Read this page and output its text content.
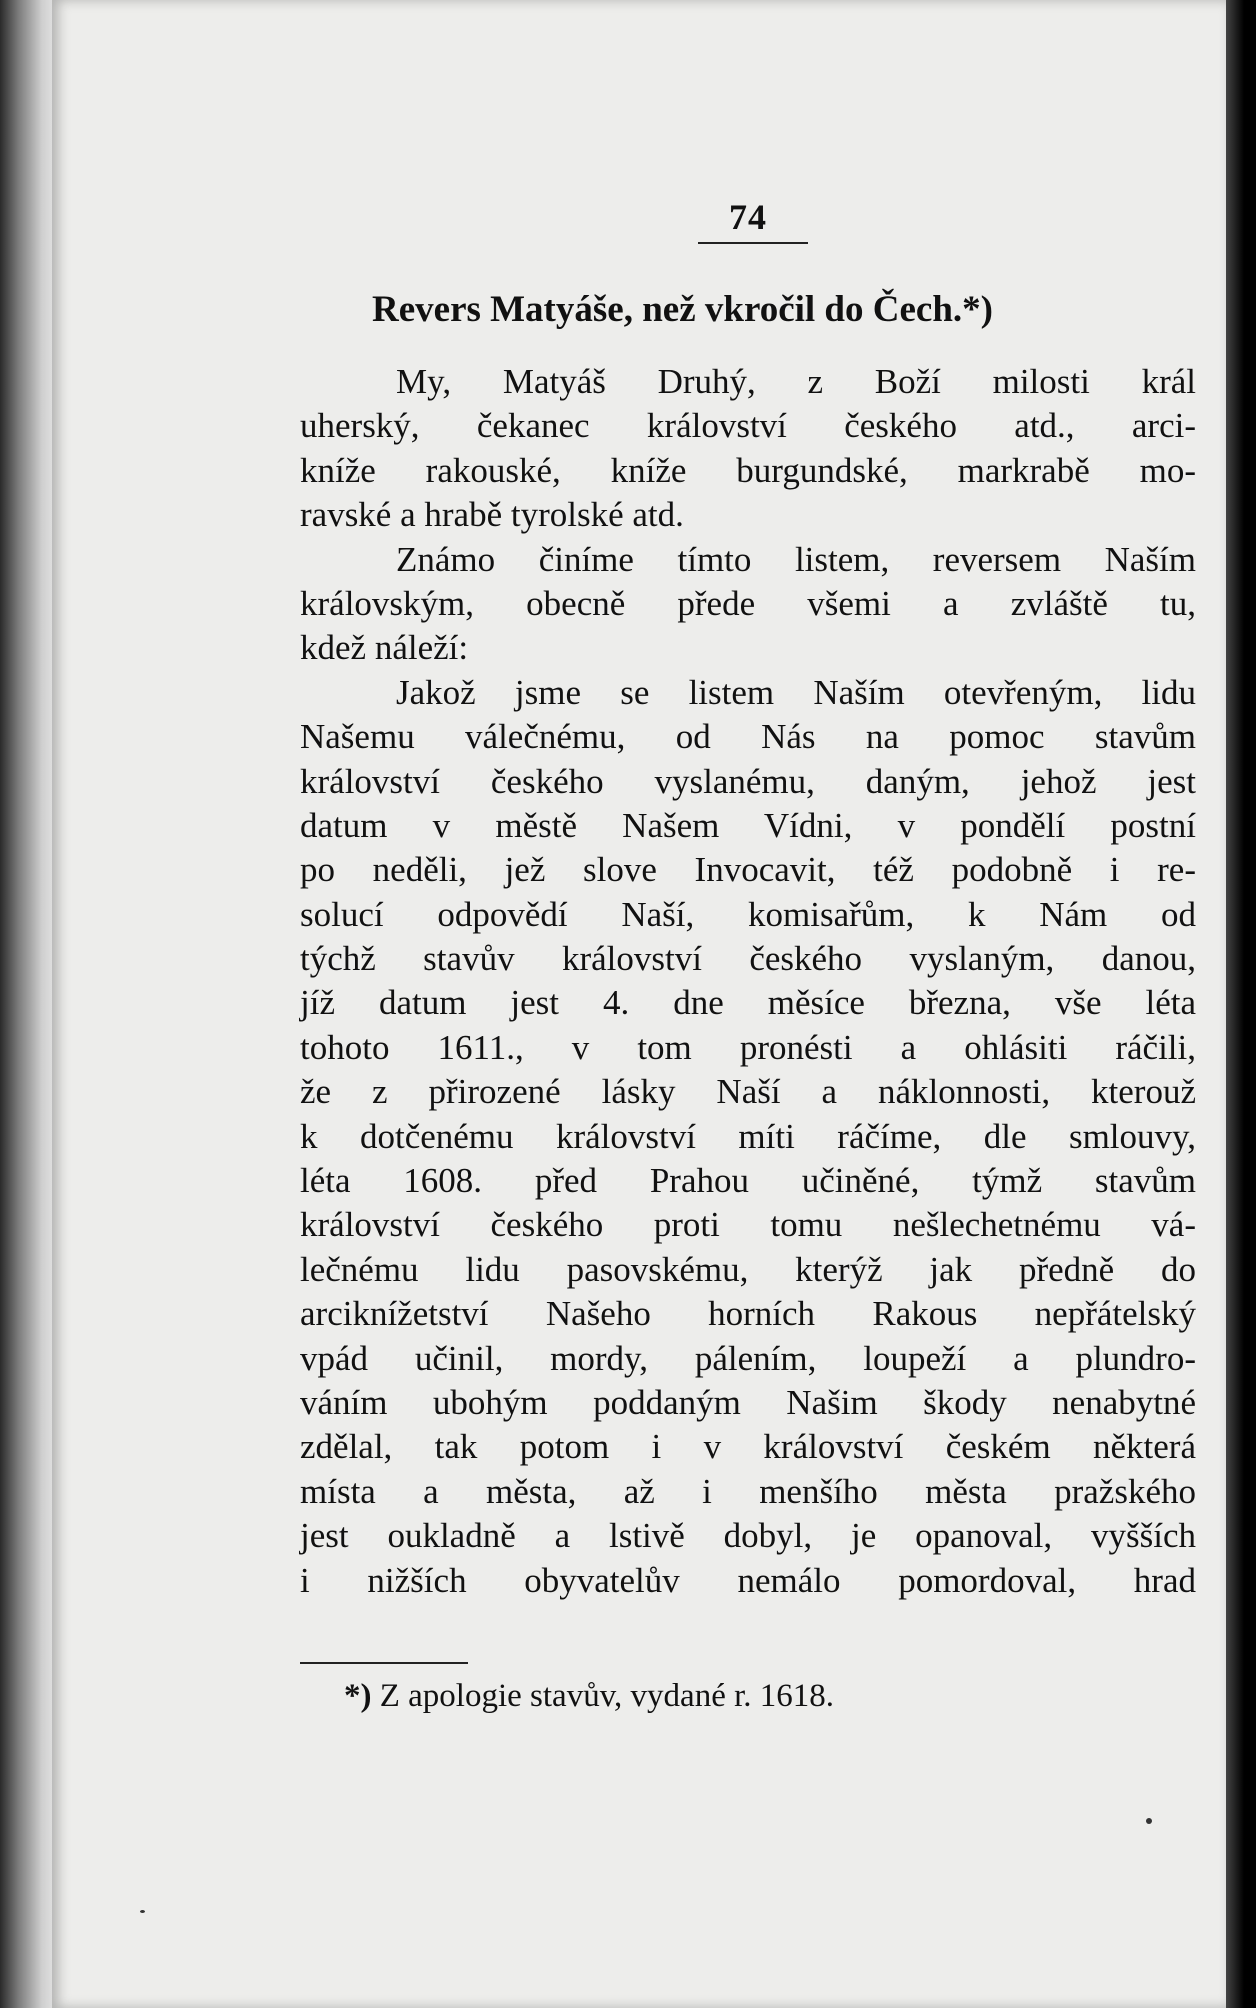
74
Revers Matyáše, než vkročil do Čech.*)
My, Matyáš Druhý, z Boží milosti král
uherský, čekanec království českého atd., arci-
kníže rakouské, kníže burgundské, markrabě mo-
ravské a hrabě tyrolské atd.
Známo činíme tímto listem, reversem Naším
královským, obecně přede všemi a zvláště tu,
kdež náleží:
Jakož jsme se listem Naším otevřeným, lidu
Našemu válečnému, od Nás na pomoc stavům
království českého vyslanému, daným, jehož jest
datum v městě Našem Vídni, v pondělí postní
po neděli, jež slove Invocavit, též podobně i re-
solucí odpovědí Naší, komisařům, k Nám od
týchž stavův království českého vyslaným, danou,
jíž datum jest 4. dne měsíce března, vše léta
tohoto 1611., v tom pronésti a ohlásiti ráčili,
že z přirozené lásky Naší a náklonnosti, kterouž
k dotčenému království míti ráčíme, dle smlouvy,
léta 1608. před Prahou učiněné, týmž stavům
království českého proti tomu nešlechetnému vá-
lečnému lidu pasovskému, kterýž jak předně do
arciknížetství Našeho horních Rakous nepřátelský
vpád učinil, mordy, pálením, loupeží a plundro-
váním ubohým poddaným Našim škody nenabytné
zdělal, tak potom i v království českém některá
místa a města, až i menšího města pražského
jest oukladně a lstivě dobyl, je opanoval, vyšších
i nižších obyvatelův nemálo pomordoval, hrad
*) Z apologie stavův, vydané r. 1618.
